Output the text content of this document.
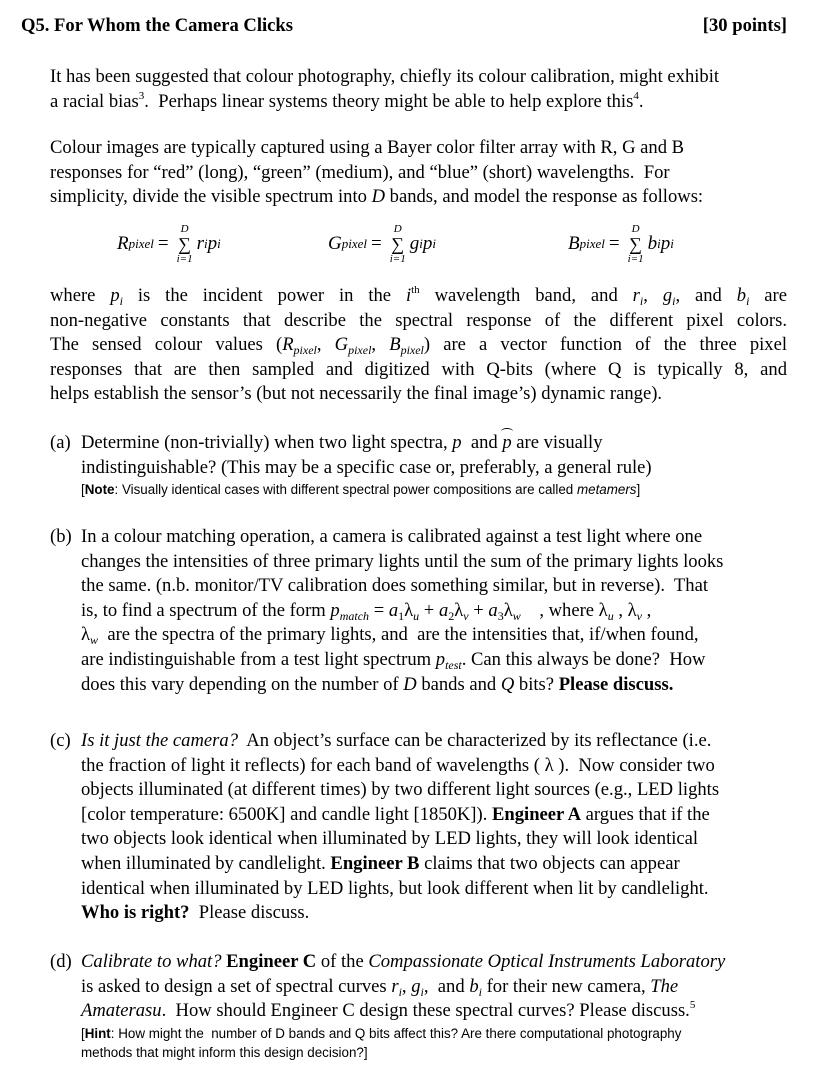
Q5. For Whom the Camera Clicks	[30 points]
R pixel =
D
∑
i=1
r i p i	G pixel =
D
∑
i=1
g i p i	B pixel =
D
∑
i=1
b i p i
It has been suggested that colour photography, chiefly its colour calibration, might exhibit
a racial bias$^3$.  Perhaps linear systems theory might be able to help explore this$^4$.
Colour images are typically captured using a Bayer color filter array with R, G and B
responses for “red” (long), “green” (medium), and “blue” (short) wavelengths.  For
simplicity, divide the visible spectrum into D bands, and model the response as follows:
where $p_i$ is the incident power in the $i^{th}$ wavelength band, and $r_i$, $g_i$, and $b_i$ are
non-negative constants that describe the spectral response of the different pixel colors.
The sensed colour values ($R_{pixel}$, $G_{pixel}$, $B_{pixel}$) are a vector function of the three pixel
responses that are then sampled and digitized with Q-bits (where Q is typically 8, and
helps establish the sensor’s (but not necessarily the final image’s) dynamic range).
(a) Determine (non-trivially) when two light spectra, p  and p are visually
indistinguishable? (This may be a specific case or, preferably, a general rule)
[Note: Visually identical cases with different spectral power compositions are called metamers]
(b) In a colour matching operation, a camera is calibrated against a test light where one
changes the intensities of three primary lights until the sum of the primary lights looks
the same. (n.b. monitor/TV calibration does something similar, but in reverse).  That
is, to find a spectrum of the form $p_{match} = a_1\lambda_u + a_2\lambda_v + a_3\lambda_w$    , where $\lambda_u$ , $\lambda_v$ ,
$\lambda_w$  are the spectra of the primary lights, and  are the intensities that, if/when found,
are indistinguishable from a test light spectrum $p_{test}$. Can this always be done?  How
does this vary depending on the number of D bands and Q bits? Please discuss.
(c) Is it just the camera?  An object’s surface can be characterized by its reflectance (i.e.
the fraction of light it reflects) for each band of wavelengths ( λ ).  Now consider two
objects illuminated (at different times) by two different light sources (e.g., LED lights
[color temperature: 6500K] and candle light [1850K]). Engineer A argues that if the
two objects look identical when illuminated by LED lights, they will look identical
when illuminated by candlelight. Engineer B claims that two objects can appear
identical when illuminated by LED lights, but look different when lit by candlelight.
Who is right?  Please discuss.
(d) Calibrate to what? Engineer C of the Compassionate Optical Instruments Laboratory
is asked to design a set of spectral curves $r_i$, $g_i$,  and $b_i$ for their new camera, The
Amaterasu.  How should Engineer C design these spectral curves? Please discuss.$^5$
[Hint: How might the  number of D bands and Q bits affect this? Are there computational photography
methods that might inform this design decision?]
